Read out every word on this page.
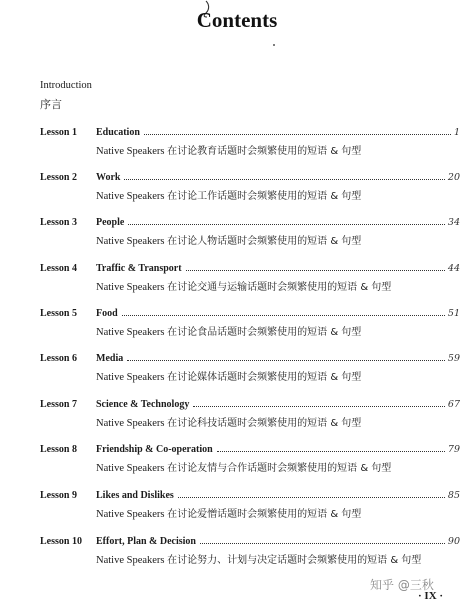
Contents
Introduction
序言
Lesson 1	Education	1
Native Speakers 在讨论教育话题时会频繁使用的短语 & 句型
Lesson 2	Work	20
Native Speakers 在讨论工作话题时会频繁使用的短语 & 句型
Lesson 3	People	34
Native Speakers 在讨论人物话题时会频繁使用的短语 & 句型
Lesson 4	Traffic & Transport	44
Native Speakers 在讨论交通与运输话题时会频繁使用的短语 & 句型
Lesson 5	Food	51
Native Speakers 在讨论食品话题时会频繁使用的短语 & 句型
Lesson 6	Media	59
Native Speakers 在讨论媒体话题时会频繁使用的短语 & 句型
Lesson 7	Science & Technology	67
Native Speakers 在讨论科技话题时会频繁使用的短语 & 句型
Lesson 8	Friendship & Co-operation	79
Native Speakers 在讨论友情与合作话题时会频繁使用的短语 & 句型
Lesson 9	Likes and Dislikes	85
Native Speakers 在讨论爱憎话题时会频繁使用的短语 & 句型
Lesson 10	Effort, Plan & Decision	90
Native Speakers 在讨论努力、计划与决定话题时会频繁使用的短语 & 句型
知乎 @三秋
· IX ·
